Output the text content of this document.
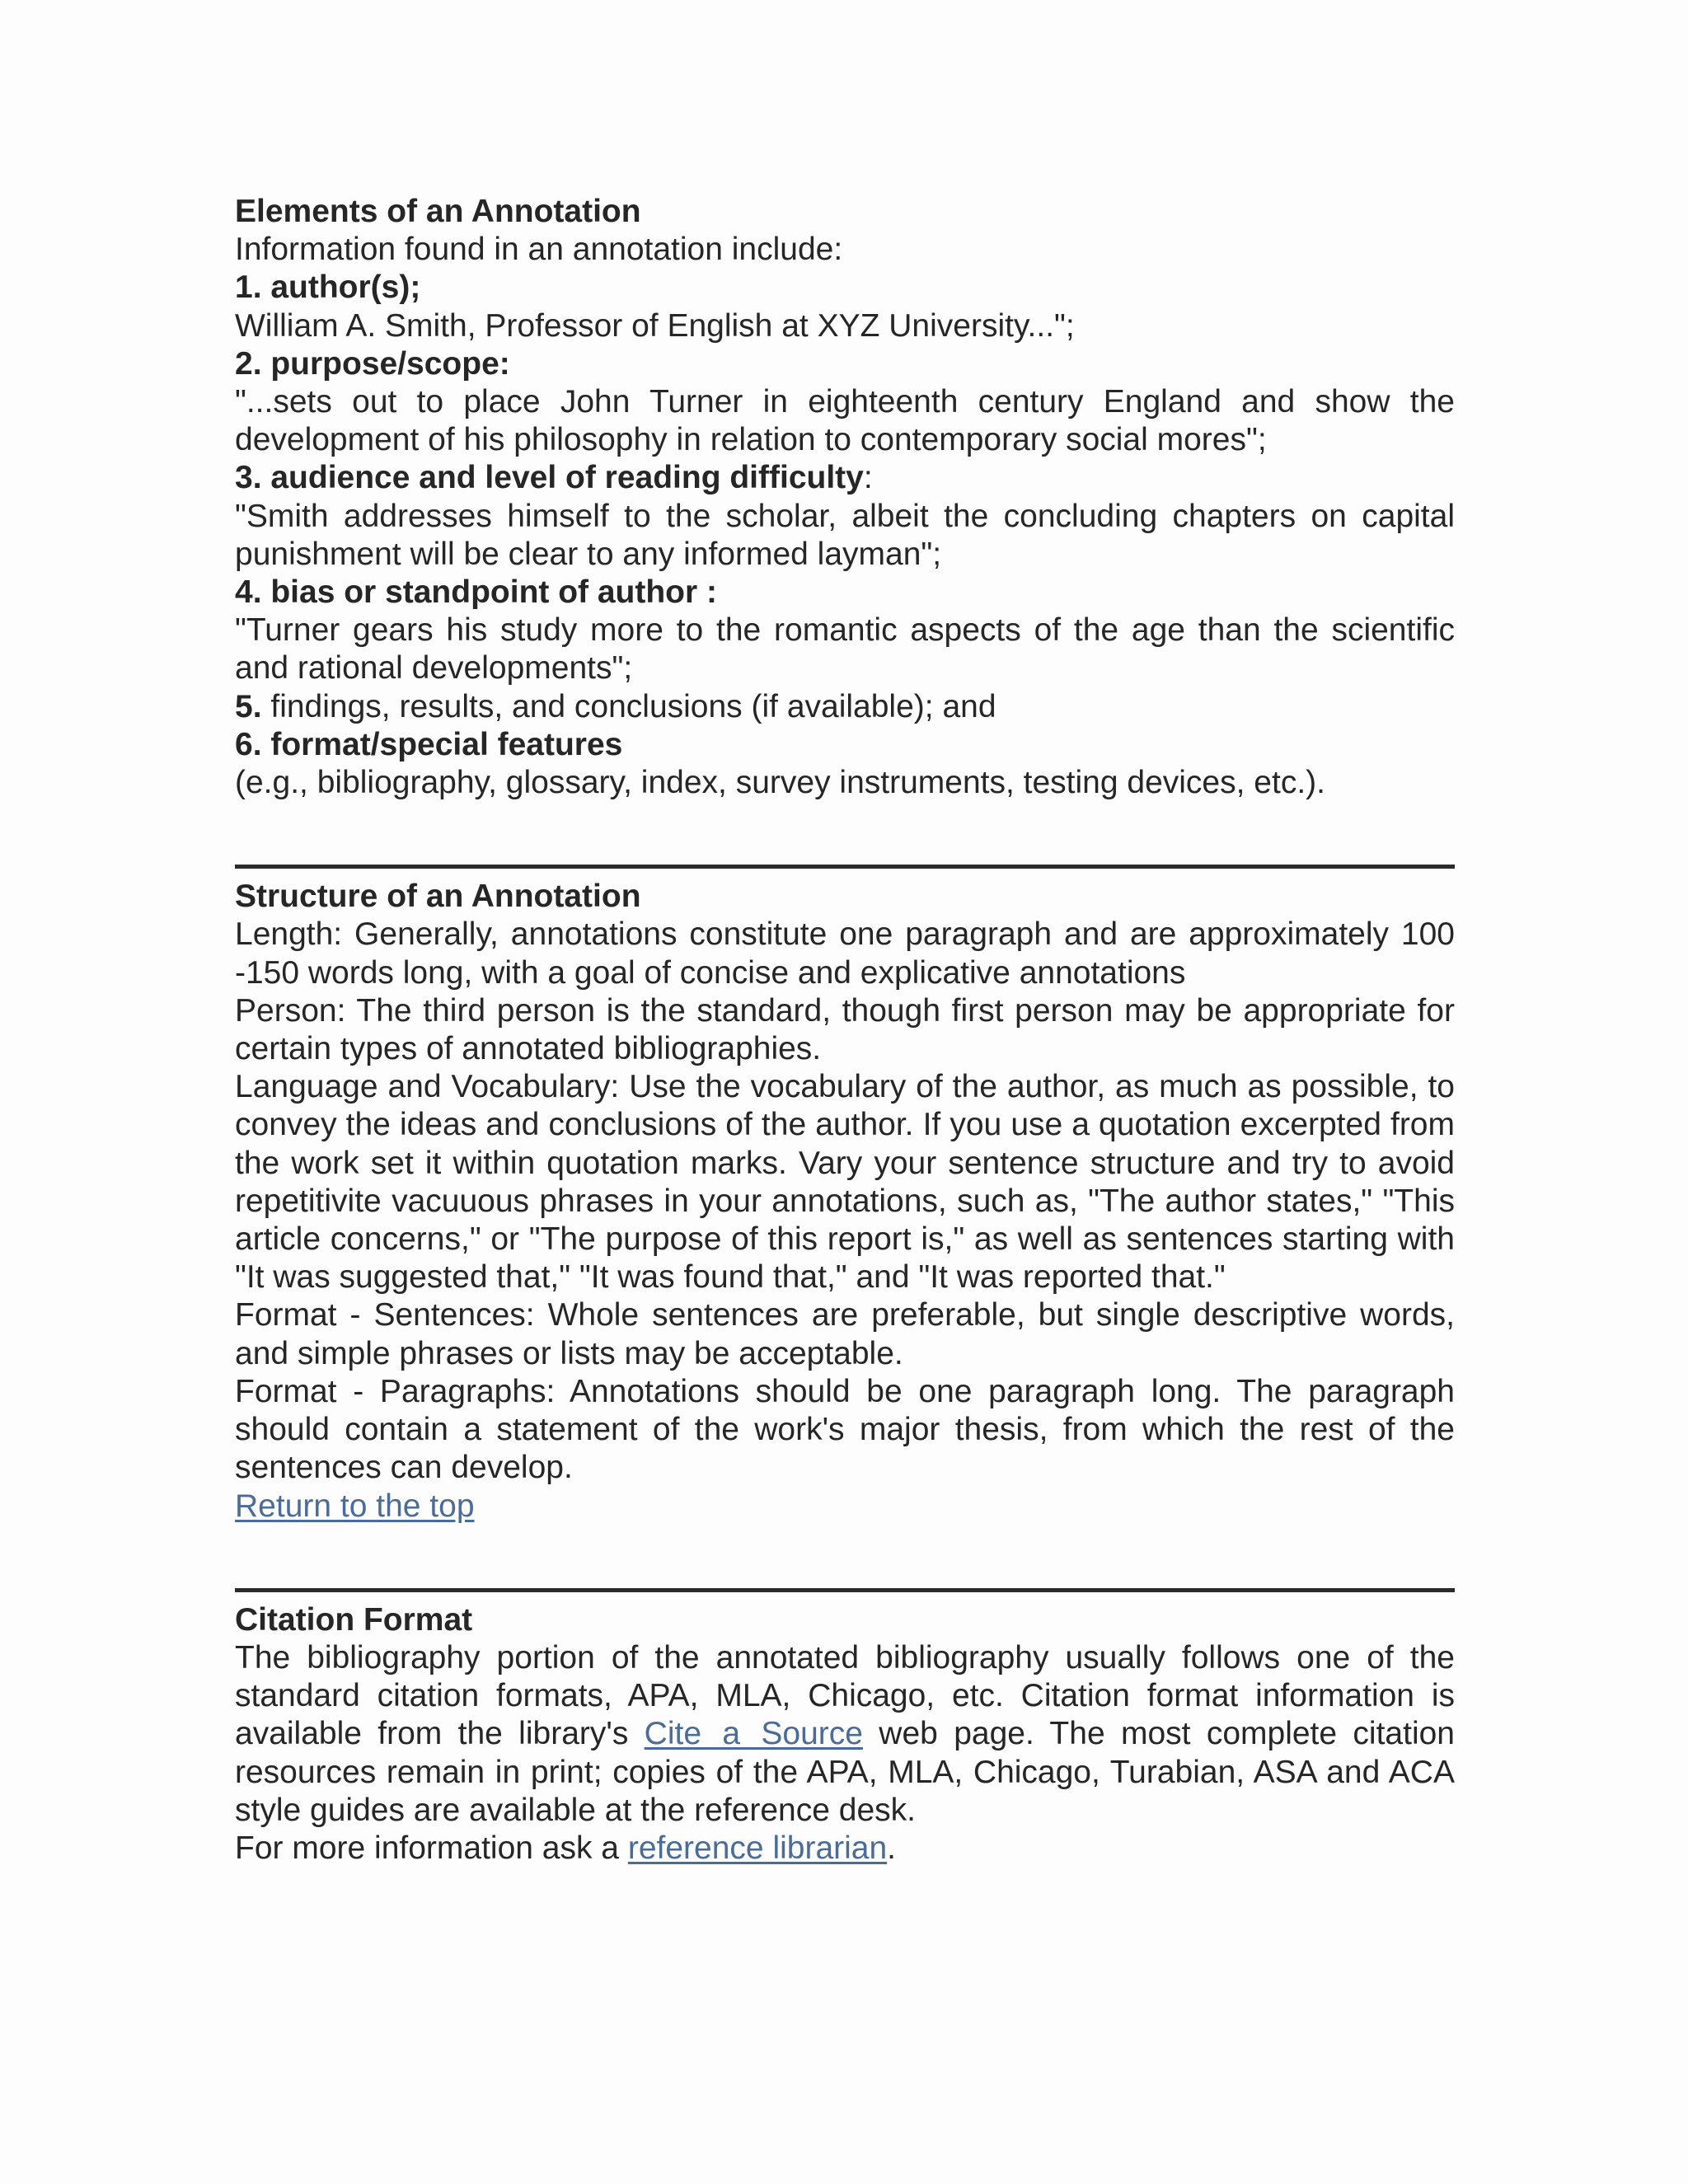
Elements of an Annotation
Information found in an annotation include:
1. author(s);
William A. Smith, Professor of English at XYZ University...";
2. purpose/scope:
"...sets out to place John Turner in eighteenth century England and show the development of his philosophy in relation to contemporary social mores";
3. audience and level of reading difficulty:
"Smith addresses himself to the scholar, albeit the concluding chapters on capital punishment will be clear to any informed layman";
4. bias or standpoint of author :
"Turner gears his study more to the romantic aspects of the age than the scientific and rational developments";
5. findings, results, and conclusions (if available); and
6. format/special features
(e.g., bibliography, glossary, index, survey instruments, testing devices, etc.).
Structure of an Annotation

Length: Generally, annotations constitute one paragraph and are approximately 100 -150 words long, with a goal of concise and explicative annotations

Person: The third person is the standard, though first person may be appropriate for certain types of annotated bibliographies.

Language and Vocabulary: Use the vocabulary of the author, as much as possible, to convey the ideas and conclusions of the author. If you use a quotation excerpted from the work set it within quotation marks. Vary your sentence structure and try to avoid repetitivite vacuuous phrases in your annotations, such as, "The author states," "This article concerns," or "The purpose of this report is," as well as sentences starting with "It was suggested that," "It was found that," and "It was reported that."

Format - Sentences: Whole sentences are preferable, but single descriptive words, and simple phrases or lists may be acceptable.

Format - Paragraphs: Annotations should be one paragraph long. The paragraph should contain a statement of the work's major thesis, from which the rest of the sentences can develop.

Return to the top
Citation Format

The bibliography portion of the annotated bibliography usually follows one of the standard citation formats, APA, MLA, Chicago, etc. Citation format information is available from the library's Cite a Source web page. The most complete citation resources remain in print; copies of the APA, MLA, Chicago, Turabian, ASA and ACA style guides are available at the reference desk.

For more information ask a reference librarian.
